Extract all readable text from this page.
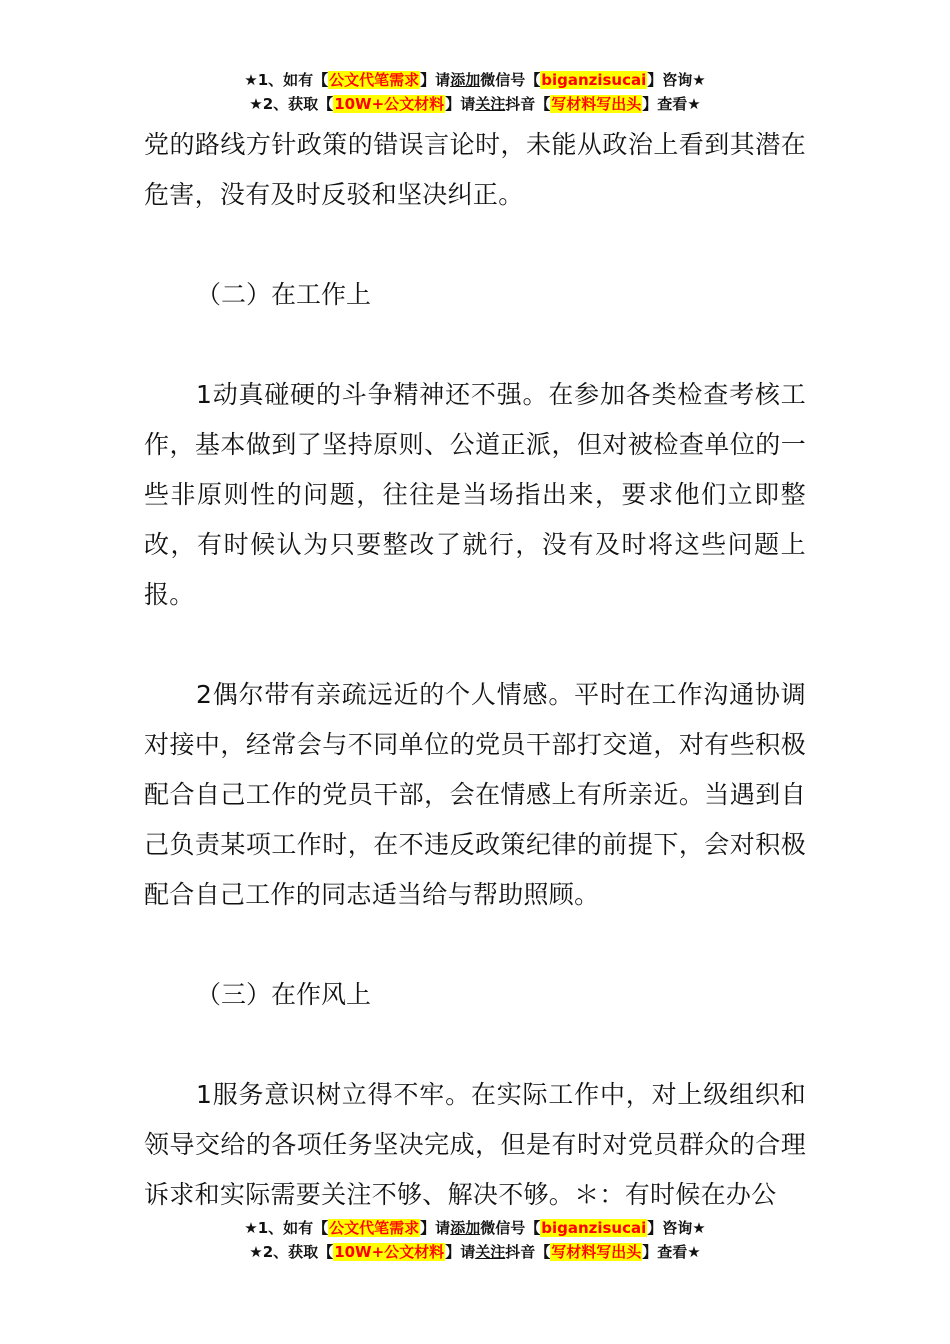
★1、如有【公文代笔需求】请添加微信号【biganzisucai】咨询★
★2、获取【10W+公文材料】请关注抖音【写材料写出头】查看★

党的路线方针政策的错误言论时，未能从政治上看到其潜在危害，没有及时反驳和坚决纠正。

（二）在工作上

1动真碰硬的斗争精神还不强。在参加各类检查考核工作，基本做到了坚持原则、公道正派，但对被检查单位的一些非原则性的问题，往往是当场指出来，要求他们立即整改，有时候认为只要整改了就行，没有及时将这些问题上报。

2偶尔带有亲疏远近的个人情感。平时在工作沟通协调对接中，经常会与不同单位的党员干部打交道，对有些积极配合自己工作的党员干部，会在情感上有所亲近。当遇到自己负责某项工作时，在不违反政策纪律的前提下，会对积极配合自己工作的同志适当给与帮助照顾。

（三）在作风上

1服务意识树立得不牢。在实际工作中，对上级组织和领导交给的各项任务坚决完成，但是有时对党员群众的合理诉求和实际需要关注不够、解决不够。＊：有时候在办公

★1、如有【公文代笔需求】请添加微信号【biganzisucai】咨询★
★2、获取【10W+公文材料】请关注抖音【写材料写出头】查看★
